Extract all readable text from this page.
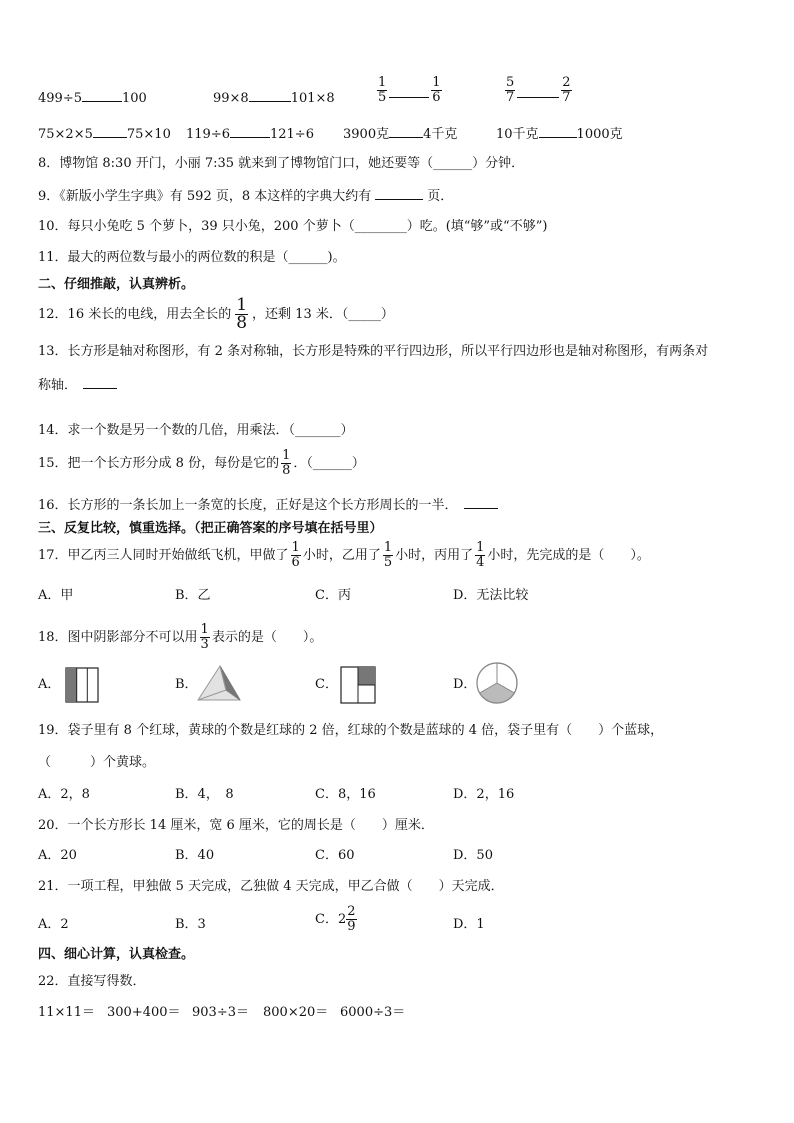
499÷5	100	99×8	101×8	$\frac{1}{5}$	$\frac{1}{6}$	$\frac{5}{7}$	$\frac{2}{7}$
75×2×5	75×10 119÷6	121÷6 3900克	4千克	10千克	1000克
8．博物馆 8:30 开门，小丽 7:35 就来到了博物馆门口，她还要等（______）分钟．
9．《新版小学生字典》有 592 页，8 本这样的字典大约有	页．
10．每只小兔吃 5 个萝卜，39 只小兔，200 个萝卜（________）吃。(填“够”或“不够”)
11．最大的两位数与最小的两位数的积是（______)。
二、仔细推敲，认真辨析。
12．16 米长的电线，用去全长的 $\frac{1}{8}$ ，还剩 13 米．（_____）
13．长方形是轴对称图形，有 2 条对称轴，长方形是特殊的平行四边形，所以平行四边形也是轴对称图形，有两条对
称轴．
14．求一个数是另一个数的几倍，用乘法．（_______）
15．把一个长方形分成 8 份，每份是它的 $\frac{1}{8}$ ．（______）
16．长方形的一条长加上一条宽的长度，正好是这个长方形周长的一半．
三、反复比较，慎重选择。（把正确答案的序号填在括号里）
17．甲乙丙三人同时开始做纸飞机，甲做了 $\frac{1}{6}$ 小时，乙用了 $\frac{1}{5}$ 小时，丙用了 $\frac{1}{4}$ 小时，先完成的是（　　）。
A．甲	B．乙	C．丙	D．无法比较
18．图中阴影部分不可以用 $\frac{1}{3}$ 表示的是（　　）。
A．	B．	C．	D．
19．袋子里有 8 个红球，黄球的个数是红球的 2 倍，红球的个数是蓝球的 4 倍，袋子里有（　　）个蓝球，
（　　　）个黄球。
A．2，8	B．4，　8	C．8，16	D．2，16
20．一个长方形长 14 厘米，宽 6 厘米，它的周长是（　　）厘米．
A．20	B．40	C．60	D．50
21．一项工程，甲独做 5 天完成，乙独做 4 天完成，甲乙合做（　　）天完成．
A．2	B．3	C．$2 \frac{2}{9}$	D．1
四、细心计算，认真检查。
22．直接写得数．
11×11＝ 300+400＝ 903÷3＝ 800×20＝ 6000÷3＝
